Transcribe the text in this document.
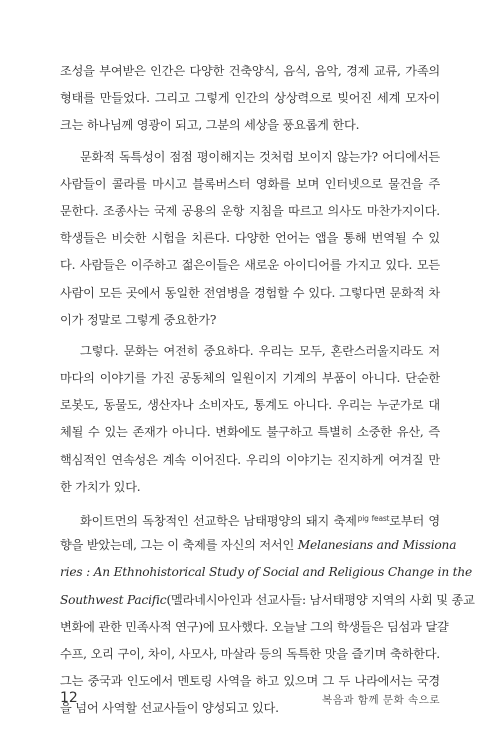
조성을 부여받은 인간은 다양한 건축양식, 음식, 음악, 경제 교류, 가족의
형태를 만들었다. 그리고 그렇게 인간의 상상력으로 빚어진 세계 모자이
크는 하나님께 영광이 되고, 그분의 세상을 풍요롭게 한다.
문화적 독특성이 점점 평이해지는 것처럼 보이지 않는가? 어디에서든
사람들이 콜라를 마시고 블록버스터 영화를 보며 인터넷으로 물건을 주
문한다. 조종사는 국제 공용의 운항 지침을 따르고 의사도 마찬가지이다.
학생들은 비슷한 시험을 치른다. 다양한 언어는 앱을 통해 번역될 수 있
다. 사람들은 이주하고 젊은이들은 새로운 아이디어를 가지고 있다. 모든
사람이 모든 곳에서 동일한 전염병을 경험할 수 있다. 그렇다면 문화적 차
이가 정말로 그렇게 중요한가?
그렇다. 문화는 여전히 중요하다. 우리는 모두, 혼란스러울지라도 저
마다의 이야기를 가진 공동체의 일원이지 기계의 부품이 아니다. 단순한
로봇도, 동물도, 생산자나 소비자도, 통계도 아니다. 우리는 누군가로 대
체될 수 있는 존재가 아니다. 변화에도 불구하고 특별히 소중한 유산, 즉
핵심적인 연속성은 계속 이어진다. 우리의 이야기는 진지하게 여겨질 만
한 가치가 있다.
화이트먼의 독창적인 선교학은 남태평양의 돼지 축제$^{pig feast}$로부터 영
향을 받았는데, 그는 이 축제를 자신의 저서인 Melanesians and Missiona
ries : An Ethnohistorical Study of Social and Religious Change in the
Southwest Pacific(멜라네시아인과 선교사들: 남서태평양 지역의 사회 및 종교
변화에 관한 민족사적 연구)에 묘사했다. 오늘날 그의 학생들은 딤섬과 달걀
수프, 오리 구이, 차이, 사모사, 마살라 등의 독특한 맛을 즐기며 축하한다.
그는 중국과 인도에서 멘토링 사역을 하고 있으며 그 두 나라에서는 국경
을 넘어 사역할 선교사들이 양성되고 있다.
12	복음과 함께 문화 속으로
